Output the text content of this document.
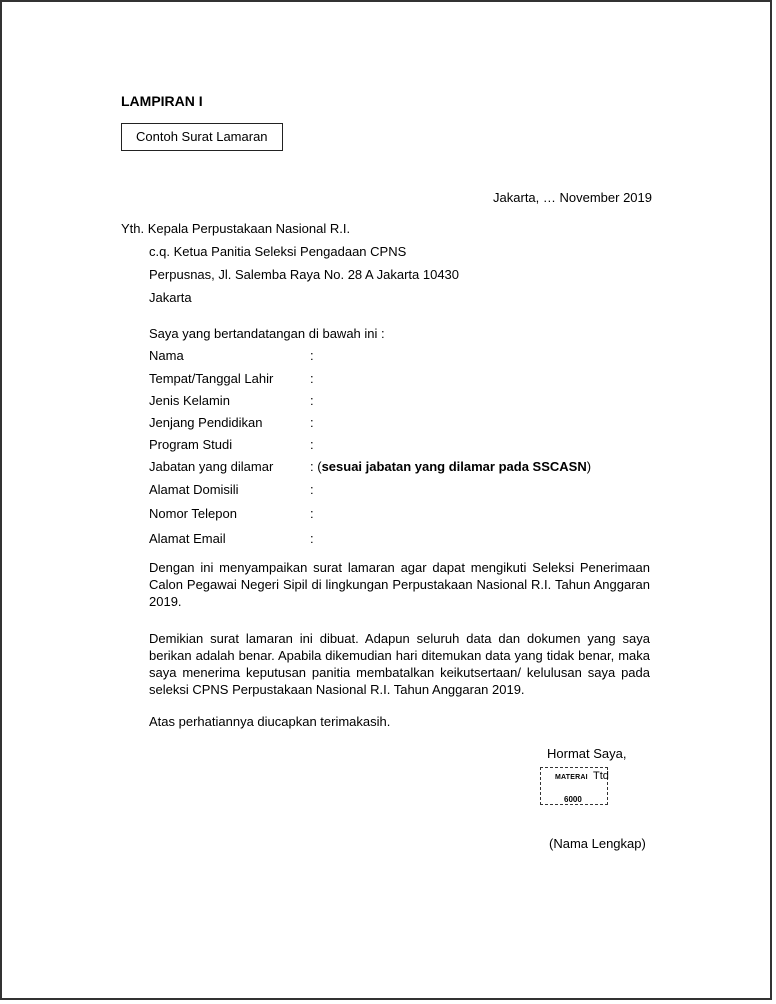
LAMPIRAN I
Contoh Surat Lamaran
Jakarta, … November 2019
Yth. Kepala Perpustakaan Nasional R.I.
c.q. Ketua Panitia Seleksi Pengadaan CPNS
Perpusnas, Jl. Salemba Raya No. 28 A Jakarta 10430
Jakarta
Saya yang bertandatangan di bawah ini :
Nama	:
Tempat/Tanggal Lahir	:
Jenis Kelamin	:
Jenjang Pendidikan	:
Program Studi	:
Jabatan yang dilamar	: (sesuai jabatan yang dilamar pada SSCASN)
Alamat Domisili	:
Nomor Telepon	:
Alamat Email	:
Dengan ini menyampaikan surat lamaran agar dapat mengikuti Seleksi Penerimaan Calon Pegawai Negeri Sipil di lingkungan Perpustakaan Nasional R.I. Tahun Anggaran 2019.
Demikian surat lamaran ini dibuat. Adapun seluruh data dan dokumen yang saya berikan adalah benar. Apabila dikemudian hari ditemukan data yang tidak benar, maka saya menerima keputusan panitia membatalkan keikutsertaan/ kelulusan saya pada seleksi CPNS Perpustakaan Nasional R.I. Tahun Anggaran 2019.
Atas perhatiannya diucapkan terimakasih.
Hormat Saya,
MATERAI Ttd
6000
(Nama Lengkap)
